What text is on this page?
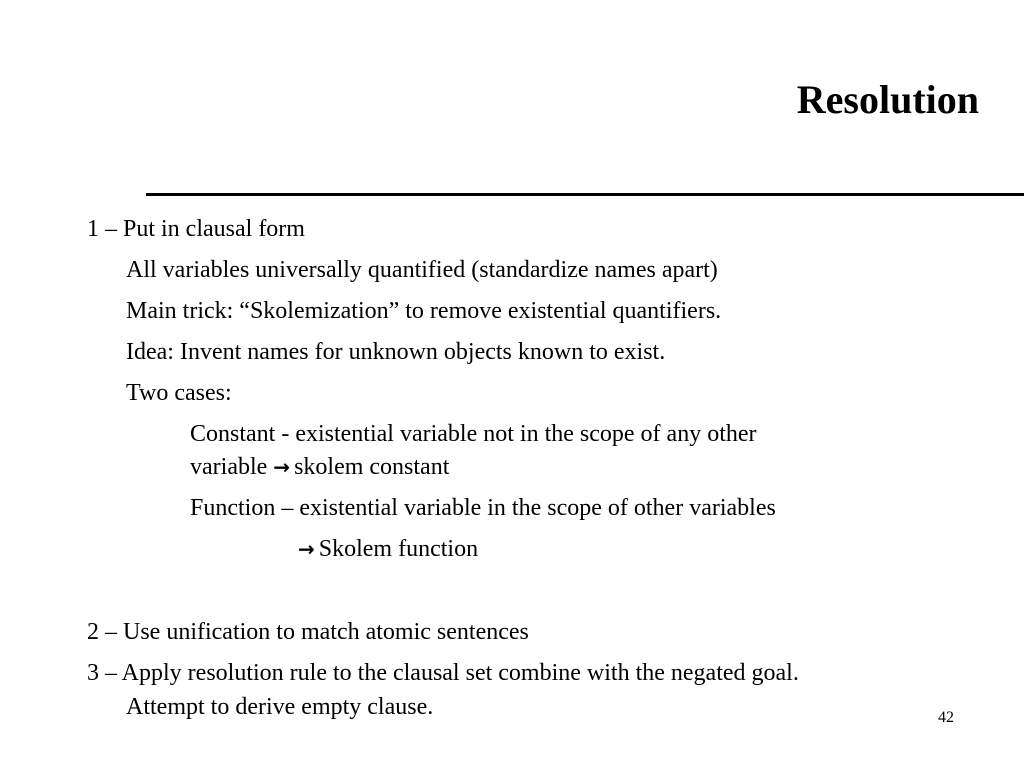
Resolution
1 – Put in clausal form
All variables universally quantified (standardize names apart)
Main trick: “Skolemization” to remove existential quantifiers.
Idea: Invent names for unknown objects known to exist.
Two cases:
Constant - existential variable not in the scope of any other
variable → skolem constant
Function – existential variable in the scope of other variables
→ Skolem function
2 – Use unification to match atomic sentences
3 – Apply resolution rule to the clausal set combine with the negated goal.
Attempt to derive empty clause.	42
